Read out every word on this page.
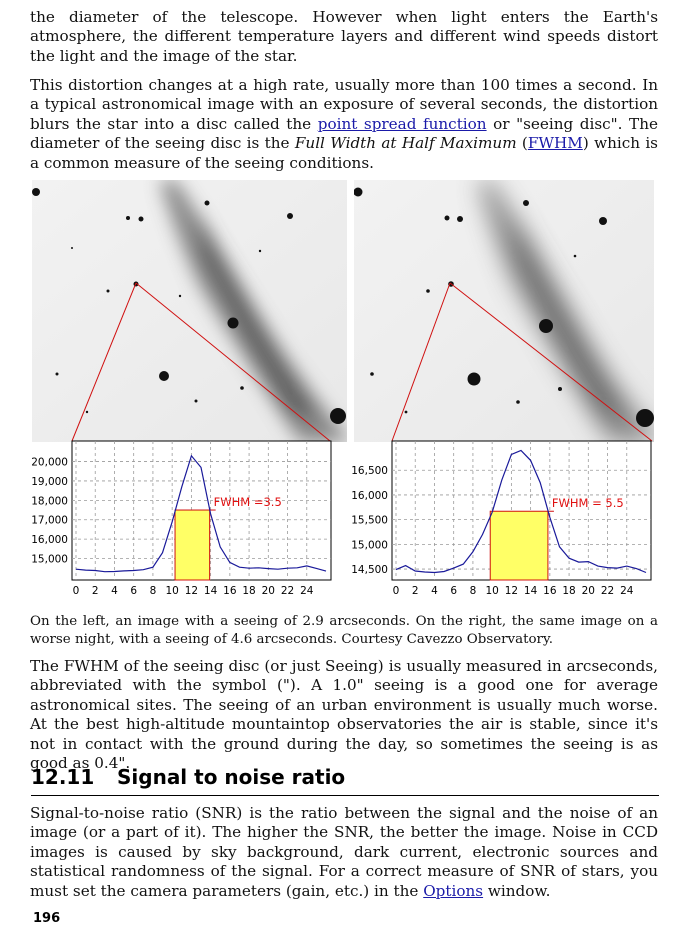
the diameter of the telescope. However when light enters the Earth's atmosphere, the different temperature layers and different wind speeds distort the light and the image of the star.
This distortion changes at a high rate, usually more than 100 times a second. In a typical astronomical image with an exposure of several seconds, the distortion blurs the star into a disc called the point spread function or "seeing disc". The diameter of the seeing disc is the Full Width at Half Maximum (FWHM) which is a common measure of the seeing conditions.
20,000
19,000
18,000
17,000
16,000
15,000
0 2 4 6 8 10 12 14 16 18 20 22 24
FWHM =3.5
16,500
16,000
15,500
15,000
14,500
0 2 4 6 8 10 12 14 16 18 20 22 24
FWHM = 5.5
On the left, an image with a seeing of 2.9 arcseconds. On the right, the same image on a worse night, with a seeing of 4.6 arcseconds. Courtesy Cavezzo Observatory.
The FWHM of the seeing disc (or just Seeing) is usually measured in arcseconds, abbreviated with the symbol ("). A 1.0" seeing is a good one for average astronomical sites. The seeing of an urban environment is usually much worse. At the best high-altitude mountaintop observatories the air is stable, since it's not in contact with the ground during the day, so sometimes the seeing is as good as 0.4".
12.11 Signal to noise ratio
Signal-to-noise ratio (SNR) is the ratio between the signal and the noise of an image (or a part of it). The higher the SNR, the better the image. Noise in CCD images is caused by sky background, dark current, electronic sources and statistical randomness of the signal. For a correct measure of SNR of stars, you must set the camera parameters (gain, etc.) in the Options window.
196
